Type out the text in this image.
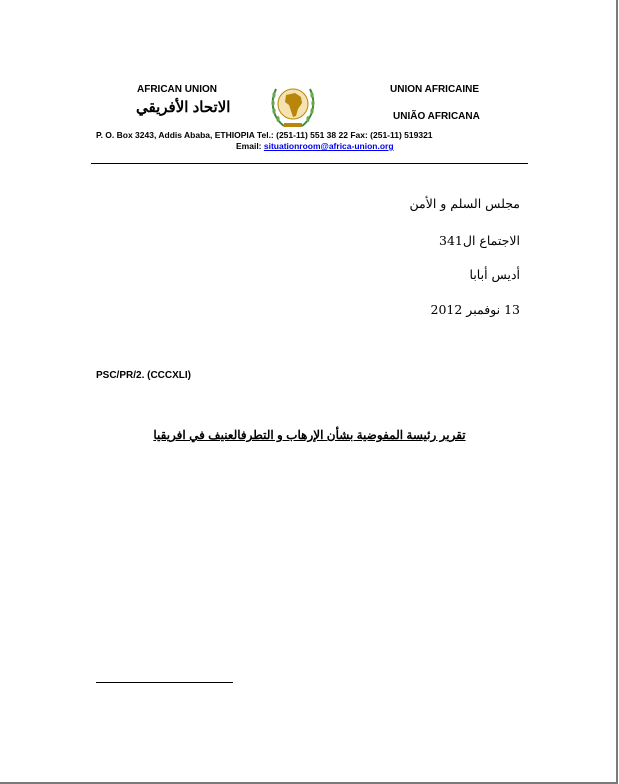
AFRICAN UNION
الاتحاد الأفريقي
UNION AFRICAINE
UNIÃO AFRICANA
P. O. Box 3243, Addis Ababa, ETHIOPIA Tel.: (251-11) 551 38 22 Fax: (251-11) 519321
Email: situationroom@africa-union.org
مجلس السلم و الأمن
الاجتماع ال341
أديس أبابا
13 نوفمبر 2012
PSC/PR/2. (CCCXLI)
تقرير رئيسة المفوضية بشأن الإرهاب و التطرفالعنيف في افريقيا
